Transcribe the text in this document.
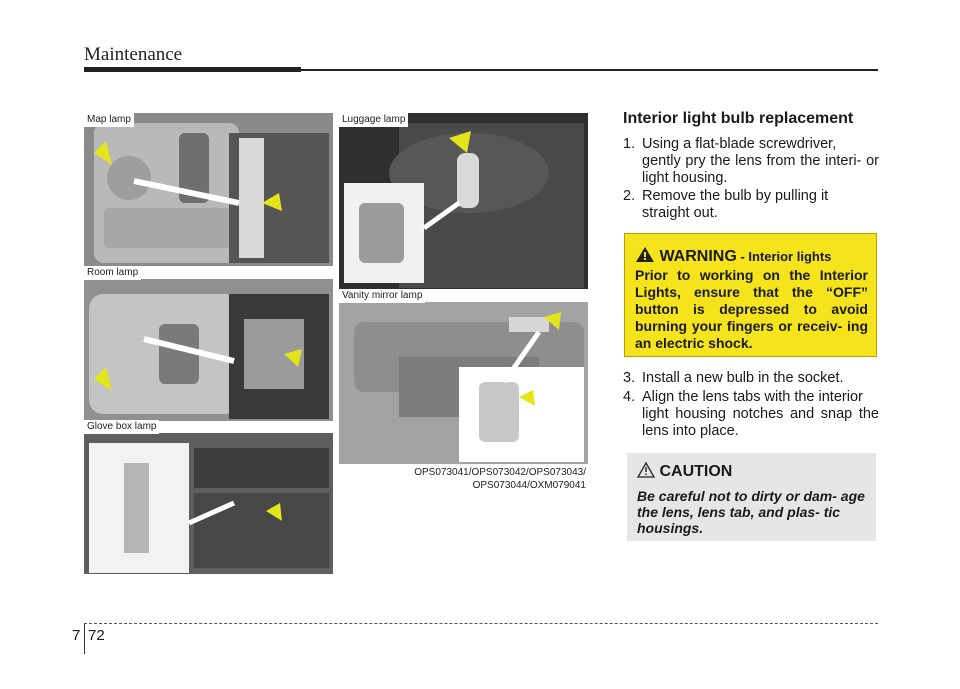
Maintenance
Map lamp
Room lamp
Glove box lamp
Luggage lamp
Vanity mirror lamp
OPS073041/OPS073042/OPS073043/
OPS073044/OXM079041
Interior light bulb replacement
1. Using a flat-blade screwdriver,
gently pry the lens from the interi- or light housing.
2. Remove the bulb by pulling it
straight out.
WARNING - Interior lights
Prior to working on the Interior Lights, ensure that the “OFF” button is depressed to avoid burning your fingers or receiv- ing an electric shock.
3. Install a new bulb in the socket.
4. Align the lens tabs with the interior
light housing notches and snap the lens into place.
CAUTION
Be careful not to dirty or dam- age the lens, lens tab, and plas- tic housings.
7 72
